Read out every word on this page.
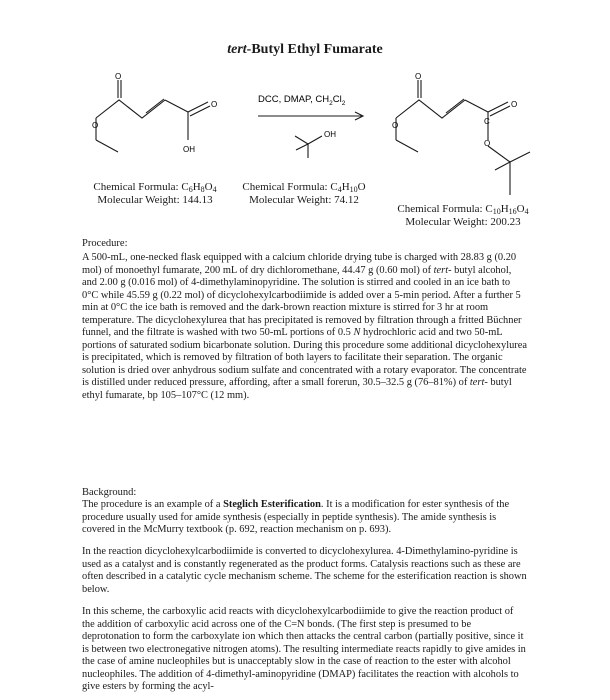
tert-Butyl Ethyl Fumarate
O
O
O
OH
DCC, DMAP, $CH_2Cl_2$
OH
O
O
O
C
O
Chemical Formula: $C_6H_8O_4$
Molecular Weight: 144.13
Chemical Formula: $C_4H_{10}O$
Molecular Weight: 74.12
Chemical Formula: $C_{10}H_{16}O_4$
Molecular Weight: 200.23
Procedure:

A 500-mL, one-necked flask equipped with a calcium chloride drying tube is charged with 28.83 g (0.20 mol) of monoethyl fumarate, 200 mL of dry dichloromethane, 44.47 g (0.60 mol) of tert- butyl alcohol, and 2.00 g (0.016 mol) of 4-dimethylaminopyridine. The solution is stirred and cooled in an ice bath to 0°C while 45.59 g (0.22 mol) of dicyclohexylcarbodiimide is added over a 5-min period. After a further 5 min at 0°C the ice bath is removed and the dark-brown reaction mixture is stirred for 3 hr at room temperature. The dicyclohexylurea that has precipitated is removed by filtration through a fritted Büchner funnel, and the filtrate is washed with two 50-mL portions of 0.5 N hydrochloric acid and two 50-mL portions of saturated sodium bicarbonate solution. During this procedure some additional dicyclohexylurea is precipitated, which is removed by filtration of both layers to facilitate their separation. The organic solution is dried over anhydrous sodium sulfate and concentrated with a rotary evaporator. The concentrate is distilled under reduced pressure, affording, after a small forerun, 30.5–32.5 g (76–81%) of tert- butyl ethyl fumarate, bp 105–107°C (12 mm).

Background:

The procedure is an example of a Steglich Esterification. It is a modification for ester synthesis of the procedure usually used for amide synthesis (especially in peptide synthesis). The amide synthesis is covered in the McMurry textbook (p. 692, reaction mechanism on p. 693).

In the reaction dicyclohexylcarbodiimide is converted to dicyclohexylurea. 4-Dimethylamino-pyridine is used as a catalyst and is constantly regenerated as the product forms. Catalysis reactions such as these are often described in a catalytic cycle mechanism scheme. The scheme for the esterification reaction is shown below.

In this scheme, the carboxylic acid reacts with dicyclohexylcarbodiimide to give the reaction product of the addition of carboxylic acid across one of the C=N bonds. (The first step is presumed to be deprotonation to form the carboxylate ion which then attacks the central carbon (partially positive, since it is between two electronegative nitrogen atoms). The resulting intermediate reacts rapidly to give amides in the case of amine nucleophiles but is unacceptably slow in the case of reaction to the ester with alcohol nucleophiles. The addition of 4-dimethyl-aminopyridine (DMAP) facilitates the reaction with alcohols to give esters by forming the acyl-
